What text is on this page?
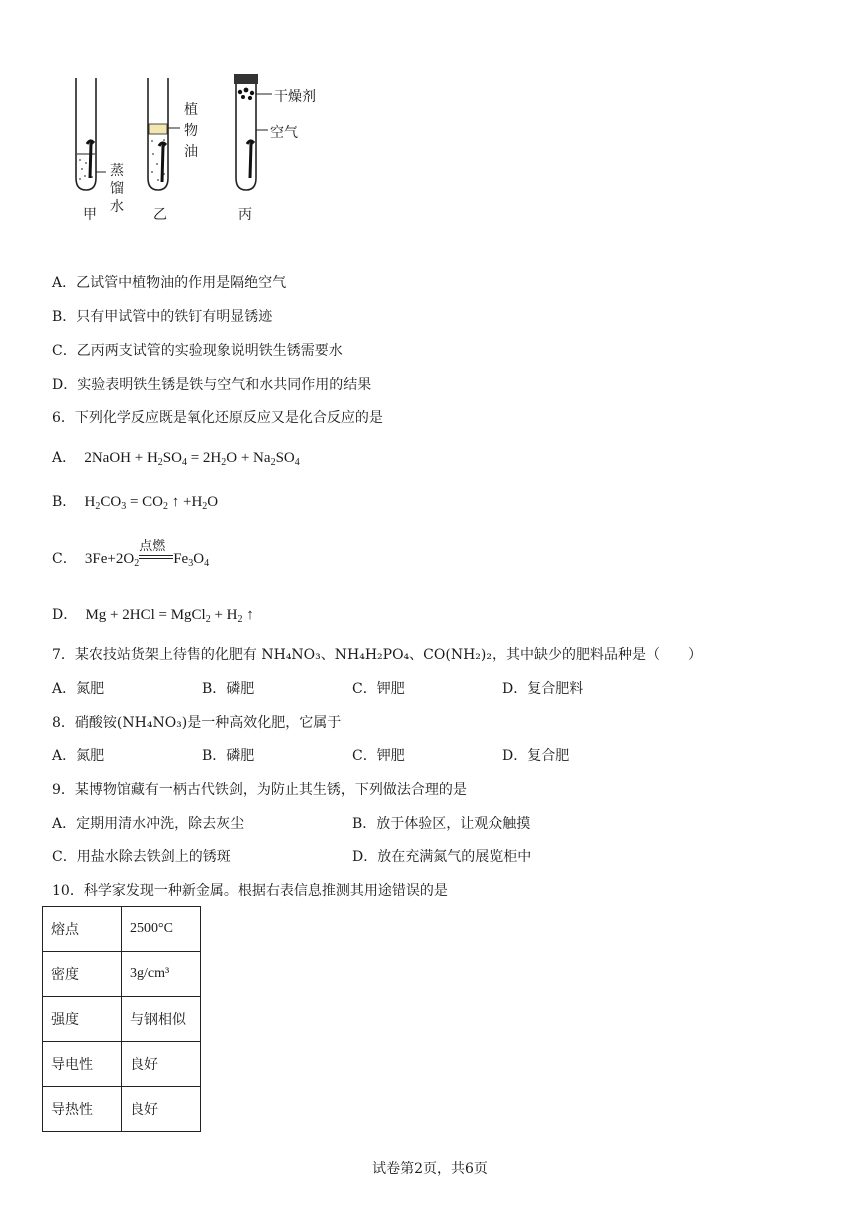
蒸
馏
水
植
物
油
干燥剂
空气
甲	乙	丙
A．乙试管中植物油的作用是隔绝空气
B．只有甲试管中的铁钉有明显锈迹
C．乙丙两支试管的实验现象说明铁生锈需要水
D．实验表明铁生锈是铁与空气和水共同作用的结果
6．下列化学反应既是氧化还原反应又是化合反应的是
A．  2NaOH + $H_2SO_4 = 2H_2O + Na_2SO_4$
B．  $H_2CO_3 = CO_2$ ↑ $+H_2O$
C．  $3Fe+2O_2$
点燃
$Fe_3O_4$
D．  Mg + 2HCl = MgCl$_2$ + $H_2$ ↑
7．某农技站货架上待售的化肥有 NH₄NO₃、NH₄H₂PO₄、CO(NH₂)₂，其中缺少的肥料品种是（　　）
A．氮肥	B．磷肥	C．钾肥	D．复合肥料
8．硝酸铵(NH₄NO₃)是一种高效化肥，它属于
A．氮肥	B．磷肥	C．钾肥	D．复合肥
9．某博物馆藏有一柄古代铁剑，为防止其生锈，下列做法合理的是
A．定期用清水冲洗，除去灰尘	B．放于体验区，让观众触摸
C．用盐水除去铁剑上的锈斑	D．放在充满氮气的展览柜中
10．科学家发现一种新金属。根据右表信息推测其用途错误的是
熔点	2500°C
密度	3g/cm³
强度	与钢相似
导电性	良好
导热性	良好
试卷第2页，共6页
